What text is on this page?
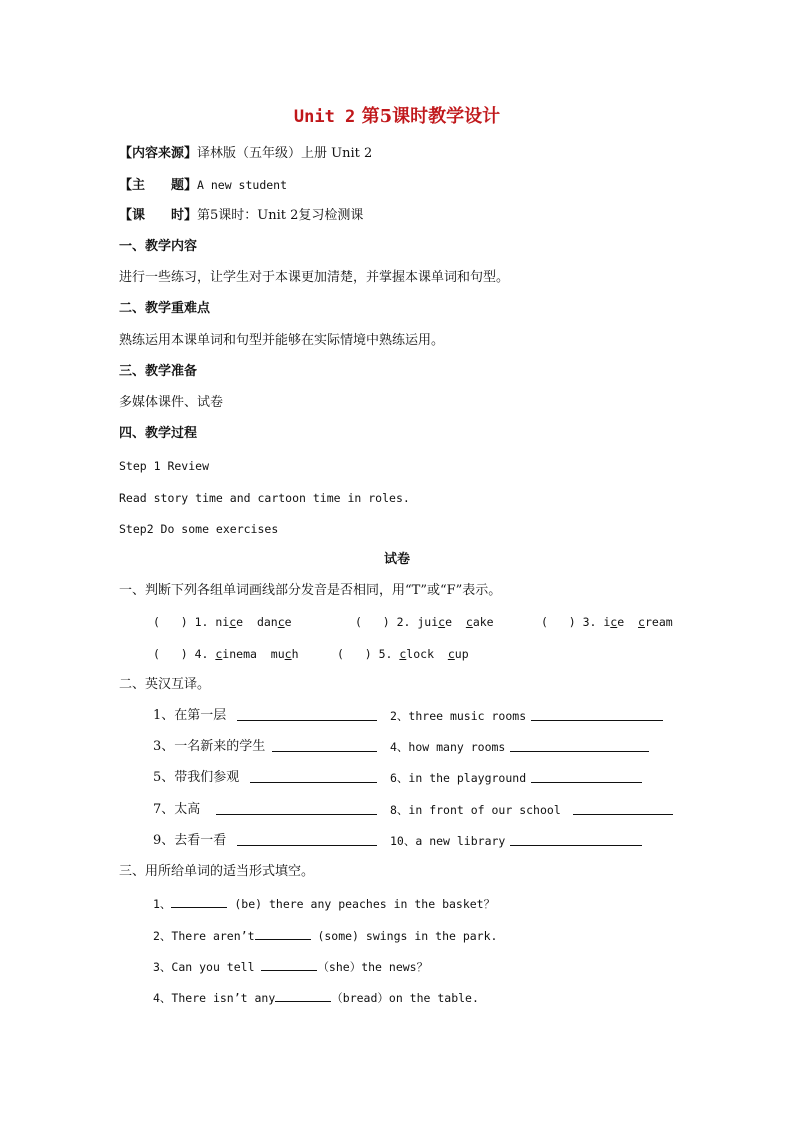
Unit 2 第5课时教学设计
【内容来源】译林版（五年级）上册 Unit 2
【主　　题】A new student
【课　　时】第5课时：Unit 2复习检测课
一、教学内容
进行一些练习，让学生对于本课更加清楚，并掌握本课单词和句型。
二、教学重难点
熟练运用本课单词和句型并能够在实际情境中熟练运用。
三、教学准备
多媒体课件、试卷
四、教学过程
Step 1 Review
Read story time and cartoon time in roles.
Step2 Do some exercises
试卷
一、判断下列各组单词画线部分发音是否相同，用“T”或“F”表示。
(   ) 1. nice dance	(   ) 2. juice cake	(   ) 3. ice cream
(   ) 4. cinema much	(   ) 5. clock cup
二、英汉互译。
1、在第一层	2、three music rooms
3、一名新来的学生	4、how many rooms
5、带我们参观	6、in the playground
7、太高	8、in front of our school
9、去看一看	10、a new library
三、用所给单词的适当形式填空。
1、	(be) there any peaches in the basket？
2、There aren’t	(some) swings in the park.
3、Can you tell	（she）the news？
4、There isn’t any	（bread）on the table.
